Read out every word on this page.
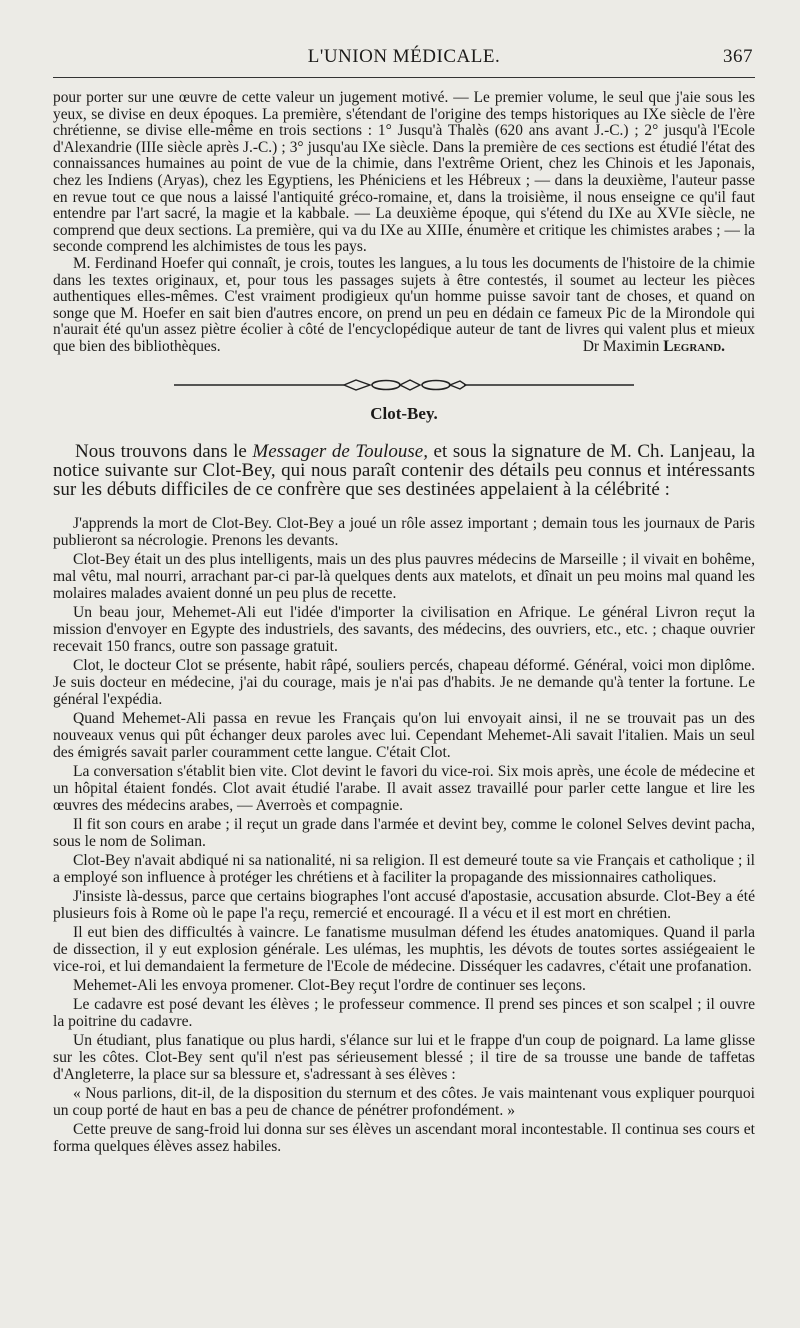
L'UNION MÉDICALE.	367

pour porter sur une œuvre de cette valeur un jugement motivé. — Le premier volume, le seul que j'aie sous les yeux, se divise en deux époques. La première, s'étendant de l'origine des temps historiques au IXe siècle de l'ère chrétienne, se divise elle-même en trois sections : 1° Jusqu'à Thalès (620 ans avant J.-C.) ; 2° jusqu'à l'Ecole d'Alexandrie (IIIe siècle après J.-C.) ; 3° jusqu'au IXe siècle. Dans la première de ces sections est étudié l'état des connaissances humaines au point de vue de la chimie, dans l'extrême Orient, chez les Chinois et les Japonais, chez les Indiens (Aryas), chez les Egyptiens, les Phéniciens et les Hébreux ; — dans la deuxième, l'auteur passe en revue tout ce que nous a laissé l'antiquité gréco-romaine, et, dans la troisième, il nous enseigne ce qu'il faut entendre par l'art sacré, la magie et la kabbale. — La deuxième époque, qui s'étend du IXe au XVIe siècle, ne comprend que deux sections. La première, qui va du IXe au XIIIe, énumère et critique les chimistes arabes ; — la seconde comprend les alchimistes de tous les pays.

M. Ferdinand Hoefer qui connaît, je crois, toutes les langues, a lu tous les documents de l'histoire de la chimie dans les textes originaux, et, pour tous les passages sujets à être contestés, il soumet au lecteur les pièces authentiques elles-mêmes. C'est vraiment prodigieux qu'un homme puisse savoir tant de choses, et quand on songe que M. Hoefer en sait bien d'autres encore, on prend un peu en dédain ce fameux Pic de la Mirondole qui n'aurait été qu'un assez piètre écolier à côté de l'encyclopédique auteur de tant de livres qui valent plus et mieux que bien des bibliothèques.	Dr Maximin Legrand.
Clot-Bey.

Nous trouvons dans le Messager de Toulouse, et sous la signature de M. Ch. Lanjeau, la notice suivante sur Clot-Bey, qui nous paraît contenir des détails peu connus et intéressants sur les débuts difficiles de ce confrère que ses destinées appelaient à la célébrité :

J'apprends la mort de Clot-Bey. Clot-Bey a joué un rôle assez important ; demain tous les journaux de Paris publieront sa nécrologie. Prenons les devants.

Clot-Bey était un des plus intelligents, mais un des plus pauvres médecins de Marseille ; il vivait en bohême, mal vêtu, mal nourri, arrachant par-ci par-là quelques dents aux matelots, et dînait un peu moins mal quand les molaires malades avaient donné un peu plus de recette.

Un beau jour, Mehemet-Ali eut l'idée d'importer la civilisation en Afrique. Le général Livron reçut la mission d'envoyer en Egypte des industriels, des savants, des médecins, des ouvriers, etc., etc. ; chaque ouvrier recevait 150 francs, outre son passage gratuit.

Clot, le docteur Clot se présente, habit râpé, souliers percés, chapeau déformé. Général, voici mon diplôme. Je suis docteur en médecine, j'ai du courage, mais je n'ai pas d'habits. Je ne demande qu'à tenter la fortune. Le général l'expédia.

Quand Mehemet-Ali passa en revue les Français qu'on lui envoyait ainsi, il ne se trouvait pas un des nouveaux venus qui pût échanger deux paroles avec lui. Cependant Mehemet-Ali savait l'italien. Mais un seul des émigrés savait parler couramment cette langue. C'était Clot.

La conversation s'établit bien vite. Clot devint le favori du vice-roi. Six mois après, une école de médecine et un hôpital étaient fondés. Clot avait étudié l'arabe. Il avait assez travaillé pour parler cette langue et lire les œuvres des médecins arabes, — Averroès et compagnie.

Il fit son cours en arabe ; il reçut un grade dans l'armée et devint bey, comme le colonel Selves devint pacha, sous le nom de Soliman.

Clot-Bey n'avait abdiqué ni sa nationalité, ni sa religion. Il est demeuré toute sa vie Français et catholique ; il a employé son influence à protéger les chrétiens et à faciliter la propagande des missionnaires catholiques.

J'insiste là-dessus, parce que certains biographes l'ont accusé d'apostasie, accusation absurde. Clot-Bey a été plusieurs fois à Rome où le pape l'a reçu, remercié et encouragé. Il a vécu et il est mort en chrétien.

Il eut bien des difficultés à vaincre. Le fanatisme musulman défend les études anatomiques. Quand il parla de dissection, il y eut explosion générale. Les ulémas, les muphtis, les dévots de toutes sortes assiégeaient le vice-roi, et lui demandaient la fermeture de l'Ecole de médecine. Disséquer les cadavres, c'était une profanation.

Mehemet-Ali les envoya promener. Clot-Bey reçut l'ordre de continuer ses leçons.

Le cadavre est posé devant les élèves ; le professeur commence. Il prend ses pinces et son scalpel ; il ouvre la poitrine du cadavre.

Un étudiant, plus fanatique ou plus hardi, s'élance sur lui et le frappe d'un coup de poignard. La lame glisse sur les côtes. Clot-Bey sent qu'il n'est pas sérieusement blessé ; il tire de sa trousse une bande de taffetas d'Angleterre, la place sur sa blessure et, s'adressant à ses élèves :

« Nous parlions, dit-il, de la disposition du sternum et des côtes. Je vais maintenant vous expliquer pourquoi un coup porté de haut en bas a peu de chance de pénétrer profondément. »

Cette preuve de sang-froid lui donna sur ses élèves un ascendant moral incontestable. Il continua ses cours et forma quelques élèves assez habiles.
